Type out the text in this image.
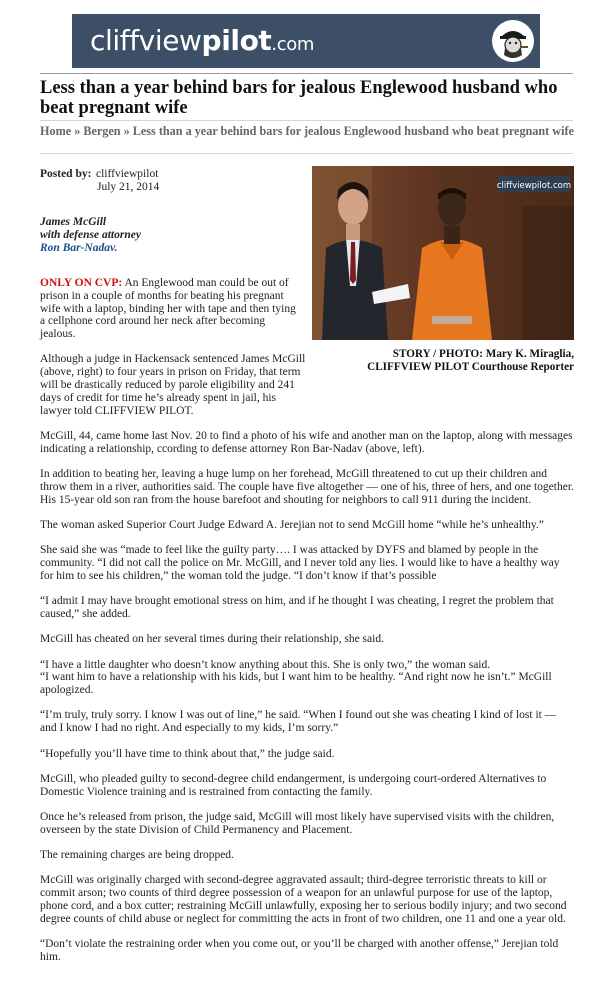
cliffviewpilot.com
Less than a year behind bars for jealous Englewood husband who beat pregnant wife
Home » Bergen » Less than a year behind bars for jealous Englewood husband who beat pregnant wife
Posted by: cliffviewpilot
July 21, 2014
James McGill
with defense attorney
Ron Bar-Nadav.
cliffviewpilot.com
STORY / PHOTO: Mary K. Miraglia,
CLIFFVIEW PILOT Courthouse Reporter

ONLY ON CVP: An Englewood man could be out of prison in a couple of months for beating his pregnant wife with a laptop, binding her with tape and then tying a cellphone cord around her neck after becoming jealous.

Although a judge in Hackensack sentenced James McGill (above, right) to four years in prison on Friday, that term will be drastically reduced by parole eligibility and 241 days of credit for time he’s already spent in jail, his lawyer told CLIFFVIEW PILOT.

McGill, 44, came home last Nov. 20 to find a photo of his wife and another man on the laptop, along with messages indicating a relationship, ccording to defense attorney Ron Bar-Nadav (above, left).

In addition to beating her, leaving a huge lump on her forehead, McGill threatened to cut up their children and throw them in a river, authorities said. The couple have five altogether — one of his, three of hers, and one together. His 15-year old son ran from the house barefoot and shouting for neighbors to call 911 during the incident.

The woman asked Superior Court Judge Edward A. Jerejian not to send McGill home “while he’s unhealthy.”

She said she was “made to feel like the guilty party…. I was attacked by DYFS and blamed by people in the community. “I did not call the police on Mr. McGill, and I never told any lies. I would like to have a healthy way for him to see his children,” the woman told the judge. “I don’t know if that’s possible

“I admit I may have brought emotional stress on him, and if he thought I was cheating, I regret the problem that caused,” she added.

McGill has cheated on her several times during their relationship, she said.

“I have a little daughter who doesn’t know anything about this. She is only two,” the woman said.
“I want him to have a relationship with his kids, but I want him to be healthy. “And right now he isn’t.” McGill apologized.

“I’m truly, truly sorry. I know I was out of line,” he said. “When I found out she was cheating I kind of lost it — and I know I had no right. And especially to my kids, I’m sorry.”

“Hopefully you’ll have time to think about that,” the judge said.

McGill, who pleaded guilty to second-degree child endangerment, is undergoing court-ordered Alternatives to Domestic Violence training and is restrained from contacting the family.

Once he’s released from prison, the judge said, McGill will most likely have supervised visits with the children, overseen by the state Division of Child Permanency and Placement.

The remaining charges are being dropped.

McGill was originally charged with second-degree aggravated assault; third-degree terroristic threats to kill or commit arson; two counts of third degree possession of a weapon for an unlawful purpose for use of the laptop, phone cord, and a box cutter; restraining McGill unlawfully, exposing her to serious bodily injury; and two second degree counts of child abuse or neglect for committing the acts in front of two children, one 11 and one a year old.

“Don’t violate the restraining order when you come out, or you’ll be charged with another offense,” Jerejian told him.
